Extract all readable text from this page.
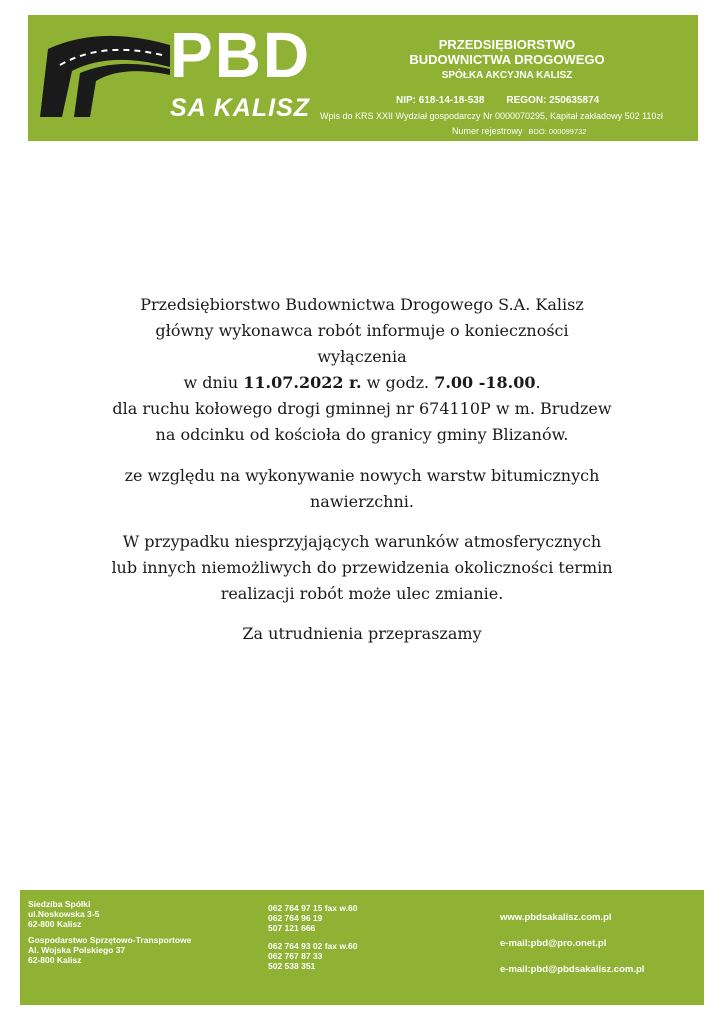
PBD
SA KALISZ
PRZEDSIĘBIORSTWO
BUDOWNICTWA DROGOWEGO
SPÓŁKA AKCYJNA KALISZ
NIP: 618-14-18-538 REGON: 250635874
Wpis do KRS XXII Wydział gospodarczy Nr 0000070295, Kapitał zakładowy 502 110zł
Numer rejestrowy BDO: 000099732

Przedsiębiorstwo Budownictwa Drogowego S.A. Kalisz

główny wykonawca robót informuje o konieczności

wyłączenia

w dniu 11.07.2022 r. w godz. 7.00 -18.00.

dla ruchu kołowego drogi gminnej nr 674110P w m. Brudzew

na odcinku od kościoła do granicy gminy Blizanów.

ze względu na wykonywanie nowych warstw bitumicznych

nawierzchni.

W przypadku niesprzyjających warunków atmosferycznych

lub innych niemożliwych do przewidzenia okoliczności termin

realizacji robót może ulec zmianie.

Za utrudnienia przepraszamy

Siedziba Spółki
ul.Noskowska 3-5
62-800 Kalisz
Gospodarstwo Sprzętowo-Transportowe
Al. Wojska Polskiego 37
62-800 Kalisz
062 764 97 15 fax w.60
062 764 96 19
507 121 666
062 764 93 02 fax w.60
062 767 87 33
502 538 351
www.pbdsakalisz.com.pl
e-mail:pbd@pro.onet.pl
e-mail:pbd@pbdsakalisz.com.pl
